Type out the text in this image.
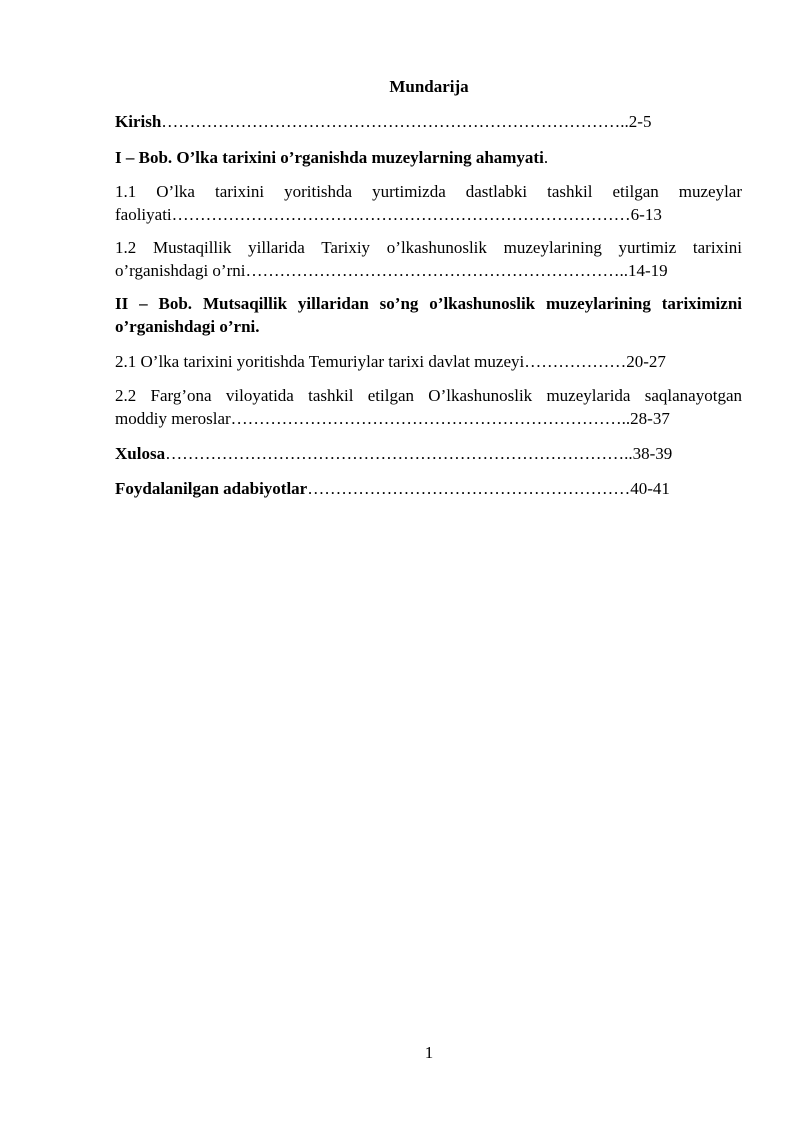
Mundarija
Kirish………………………………………………………………………..2-5
I – Bob. O’lka tarixini o’rganishda muzeylarning ahamyati.
1.1 O’lka tarixini yoritishda yurtimizda dastlabki tashkil etilgan muzeylar
faoliyati………………………………………………………………………6-13
1.2 Mustaqillik yillarida Tarixiy o’lkashunoslik muzeylarining yurtimiz tarixini
o’rganishdagi o’rni…………………………………………………………..14-19
II – Bob. Mutsaqillik yillaridan so’ng o’lkashunoslik muzeylarining tariximizni
o’rganishdagi o’rni.
2.1 O’lka tarixini yoritishda Temuriylar tarixi davlat muzeyi………………20-27
2.2 Farg’ona viloyatida tashkil etilgan O’lkashunoslik muzeylarida saqlanayotgan
moddiy meroslar……………………………………………………………..28-37
Xulosa………………………………………………………………………..38-39
Foydalanilgan adabiyotlar…………………………………………………40-41
1
